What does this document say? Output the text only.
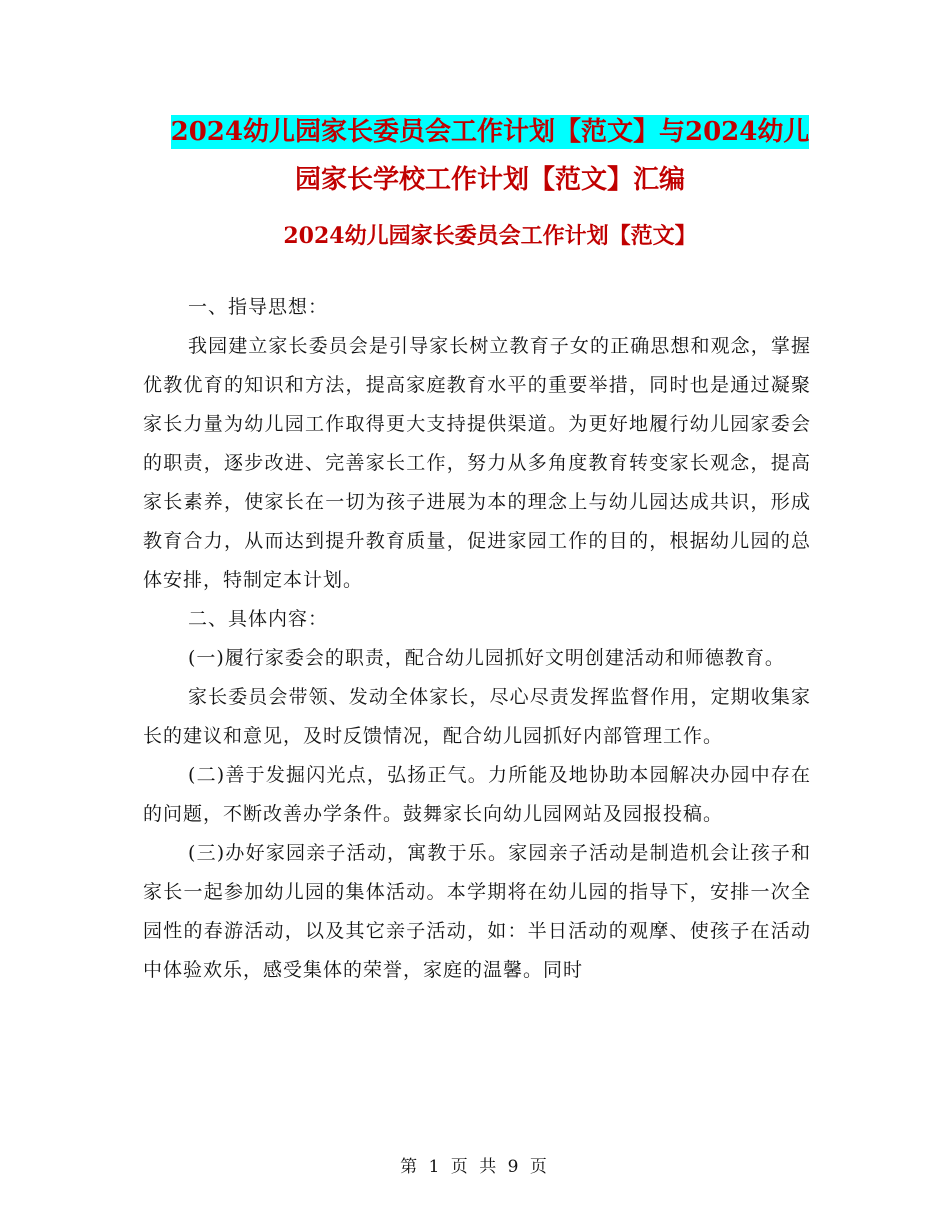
2024幼儿园家长委员会工作计划【范文】与2024幼儿
园家长学校工作计划【范文】汇编
2024幼儿园家长委员会工作计划【范文】

一、指导思想：

我园建立家长委员会是引导家长树立教育子女的正确思想和观念，掌握优教优育的知识和方法，提高家庭教育水平的重要举措，同时也是通过凝聚家长力量为幼儿园工作取得更大支持提供渠道。为更好地履行幼儿园家委会的职责，逐步改进、完善家长工作，努力从多角度教育转变家长观念，提高家长素养，使家长在一切为孩子进展为本的理念上与幼儿园达成共识，形成教育合力，从而达到提升教育质量，促进家园工作的目的，根据幼儿园的总体安排，特制定本计划。

二、具体内容：

(一)履行家委会的职责，配合幼儿园抓好文明创建活动和师德教育。

家长委员会带领、发动全体家长，尽心尽责发挥监督作用，定期收集家长的建议和意见，及时反馈情况，配合幼儿园抓好内部管理工作。

(二)善于发掘闪光点，弘扬正气。力所能及地协助本园解决办园中存在的问题，不断改善办学条件。鼓舞家长向幼儿园网站及园报投稿。

(三)办好家园亲子活动，寓教于乐。家园亲子活动是制造机会让孩子和家长一起参加幼儿园的集体活动。本学期将在幼儿园的指导下，安排一次全园性的春游活动，以及其它亲子活动，如：半日活动的观摩、使孩子在活动中体验欢乐，感受集体的荣誉，家庭的温馨。同时

第 1 页 共 9 页
